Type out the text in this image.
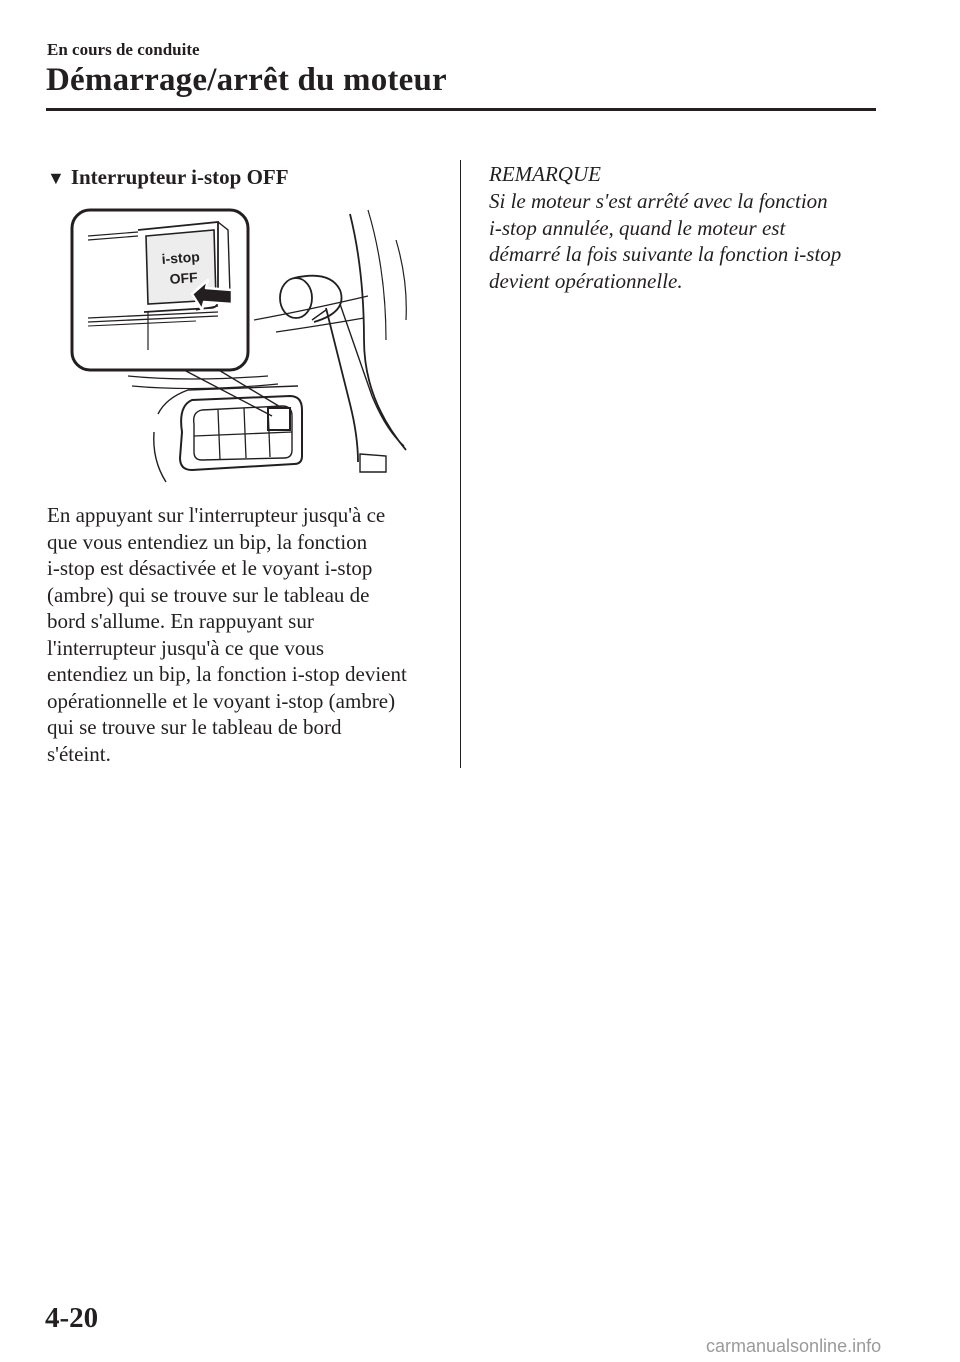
En cours de conduite
Démarrage/arrêt du moteur
▼ Interrupteur i-stop OFF
i-stop
OFF

En appuyant sur l'interrupteur jusqu'à ce

que vous entendiez un bip, la fonction

i-stop est désactivée et le voyant i-stop

(ambre) qui se trouve sur le tableau de

bord s'allume. En rappuyant sur

l'interrupteur jusqu'à ce que vous

entendiez un bip, la fonction i-stop devient

opérationnelle et le voyant i-stop (ambre)

qui se trouve sur le tableau de bord

s'éteint.

REMARQUE
Si le moteur s'est arrêté avec la fonction
i-stop annulée, quand le moteur est
démarré la fois suivante la fonction i-stop
devient opérationnelle.
4-20
carmanualsonline.info
